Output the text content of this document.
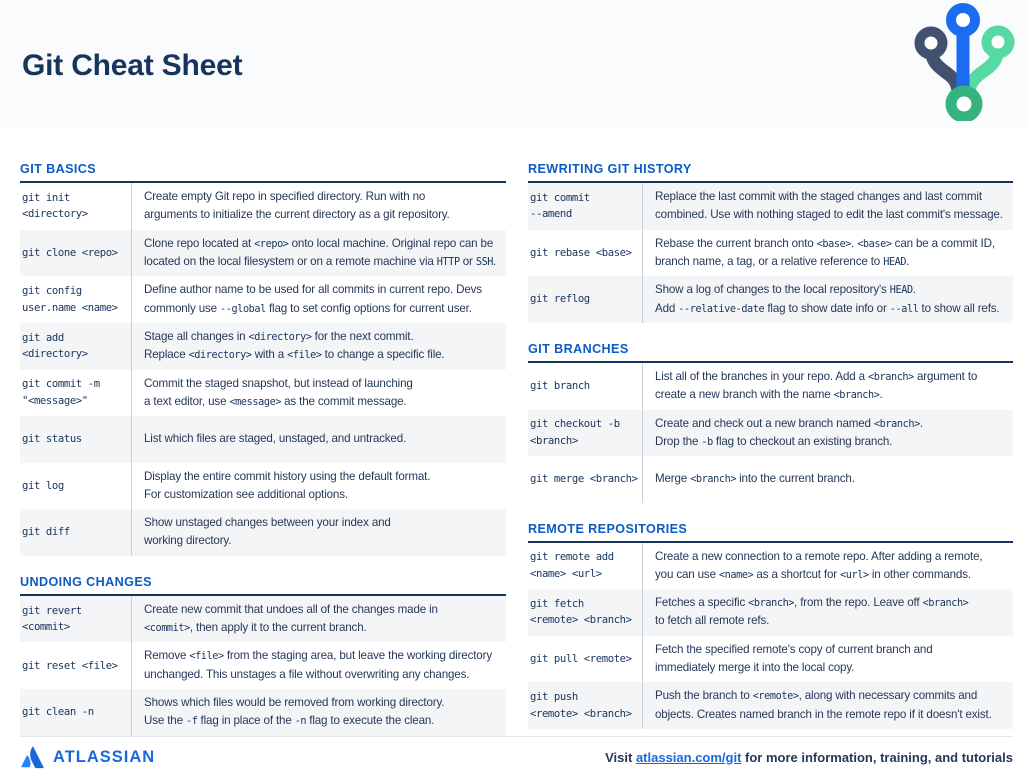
Git Cheat Sheet
GIT BASICS
git init
<directory>
Create empty Git repo in specified directory. Run with no
arguments to initialize the current directory as a git repository.
git clone <repo>
Clone repo located at <repo> onto local machine. Original repo can be
located on the local filesystem or on a remote machine via HTTP or SSH.
git config
user.name <name>
Define author name to be used for all commits in current repo. Devs
commonly use --global flag to set config options for current user.
git add
<directory>
Stage all changes in <directory> for the next commit.
Replace <directory> with a <file> to change a specific file.
git commit -m
"<message>"
Commit the staged snapshot, but instead of launching
a text editor, use <message> as the commit message.
git status	List which files are staged, unstaged, and untracked.
git log
Display the entire commit history using the default format.
For customization see additional options.
git diff
Show unstaged changes between your index and
working directory.
UNDOING CHANGES
git revert
<commit>
Create new commit that undoes all of the changes made in
<commit>, then apply it to the current branch.
git reset <file>
Remove <file> from the staging area, but leave the working directory
unchanged. This unstages a file without overwriting any changes.
git clean -n
Shows which files would be removed from working directory.
Use the -f flag in place of the -n flag to execute the clean.
REWRITING GIT HISTORY
git commit
--amend
Replace the last commit with the staged changes and last commit
combined. Use with nothing staged to edit the last commit's message.
git rebase <base>
Rebase the current branch onto <base>. <base> can be a commit ID,
branch name, a tag, or a relative reference to HEAD.
git reflog
Show a log of changes to the local repository's HEAD.
Add --relative-date flag to show date info or --all to show all refs.
GIT BRANCHES
git branch
List all of the branches in your repo. Add a <branch> argument to
create a new branch with the name <branch>.
git checkout -b
<branch>
Create and check out a new branch named <branch>.
Drop the -b flag to checkout an existing branch.
git merge <branch> Merge <branch> into the current branch.
REMOTE REPOSITORIES
git remote add
<name> <url>
Create a new connection to a remote repo. After adding a remote,
you can use <name> as a shortcut for <url> in other commands.
git fetch
<remote> <branch>
Fetches a specific <branch>, from the repo. Leave off <branch>
to fetch all remote refs.
git pull <remote>
Fetch the specified remote's copy of current branch and
immediately merge it into the local copy.
git push
<remote> <branch>
Push the branch to <remote>, along with necessary commits and
objects. Creates named branch in the remote repo if it doesn't exist.
ATLASSIAN	Visit atlassian.com/git for more information, training, and tutorials
